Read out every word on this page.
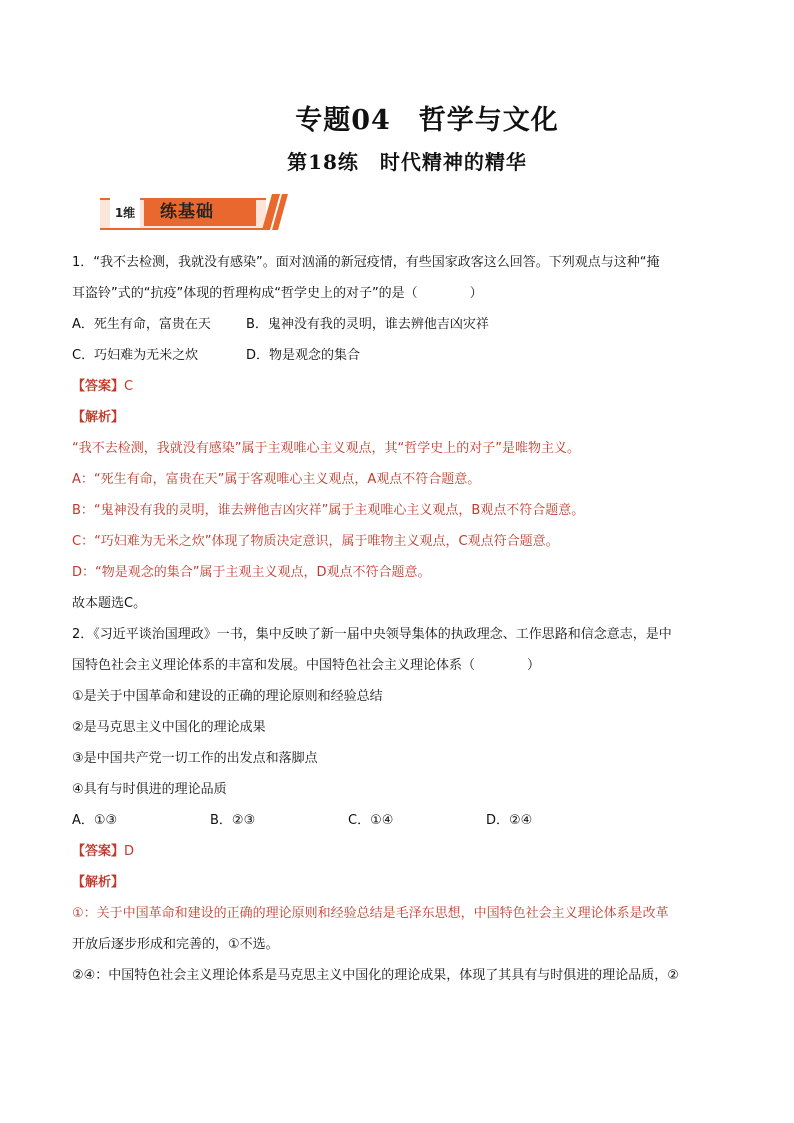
专题04　哲学与文化
第18练　时代精神的精华
练基础
1维
1．“我不去检测，我就没有感染”。面对汹涌的新冠疫情，有些国家政客这么回答。下列观点与这种“掩
耳盗铃”式的“抗疫”体现的哲理构成“哲学史上的对子”的是（　　　　）
A．死生有命，富贵在天	B．鬼神没有我的灵明，谁去辨他吉凶灾祥
C．巧妇难为无米之炊	D．物是观念的集合
【答案】C
【解析】
“我不去检测，我就没有感染”属于主观唯心主义观点，其“哲学史上的对子”是唯物主义。
A：“死生有命，富贵在天”属于客观唯心主义观点，A观点不符合题意。
B：“鬼神没有我的灵明，谁去辨他吉凶灾祥”属于主观唯心主义观点，B观点不符合题意。
C：“巧妇难为无米之炊”体现了物质决定意识，属于唯物主义观点，C观点符合题意。
D：“物是观念的集合”属于主观主义观点，D观点不符合题意。
故本题选C。
2．《习近平谈治国理政》一书，集中反映了新一届中央领导集体的执政理念、工作思路和信念意志，是中
国特色社会主义理论体系的丰富和发展。中国特色社会主义理论体系（　　　　）
①是关于中国革命和建设的正确的理论原则和经验总结
②是马克思主义中国化的理论成果
③是中国共产党一切工作的出发点和落脚点
④具有与时俱进的理论品质
A．①③	B．②③	C．①④	D．②④
【答案】D
【解析】
①：关于中国革命和建设的正确的理论原则和经验总结是毛泽东思想，中国特色社会主义理论体系是改革
开放后逐步形成和完善的，①不选。
②④：中国特色社会主义理论体系是马克思主义中国化的理论成果，体现了其具有与时俱进的理论品质，②
